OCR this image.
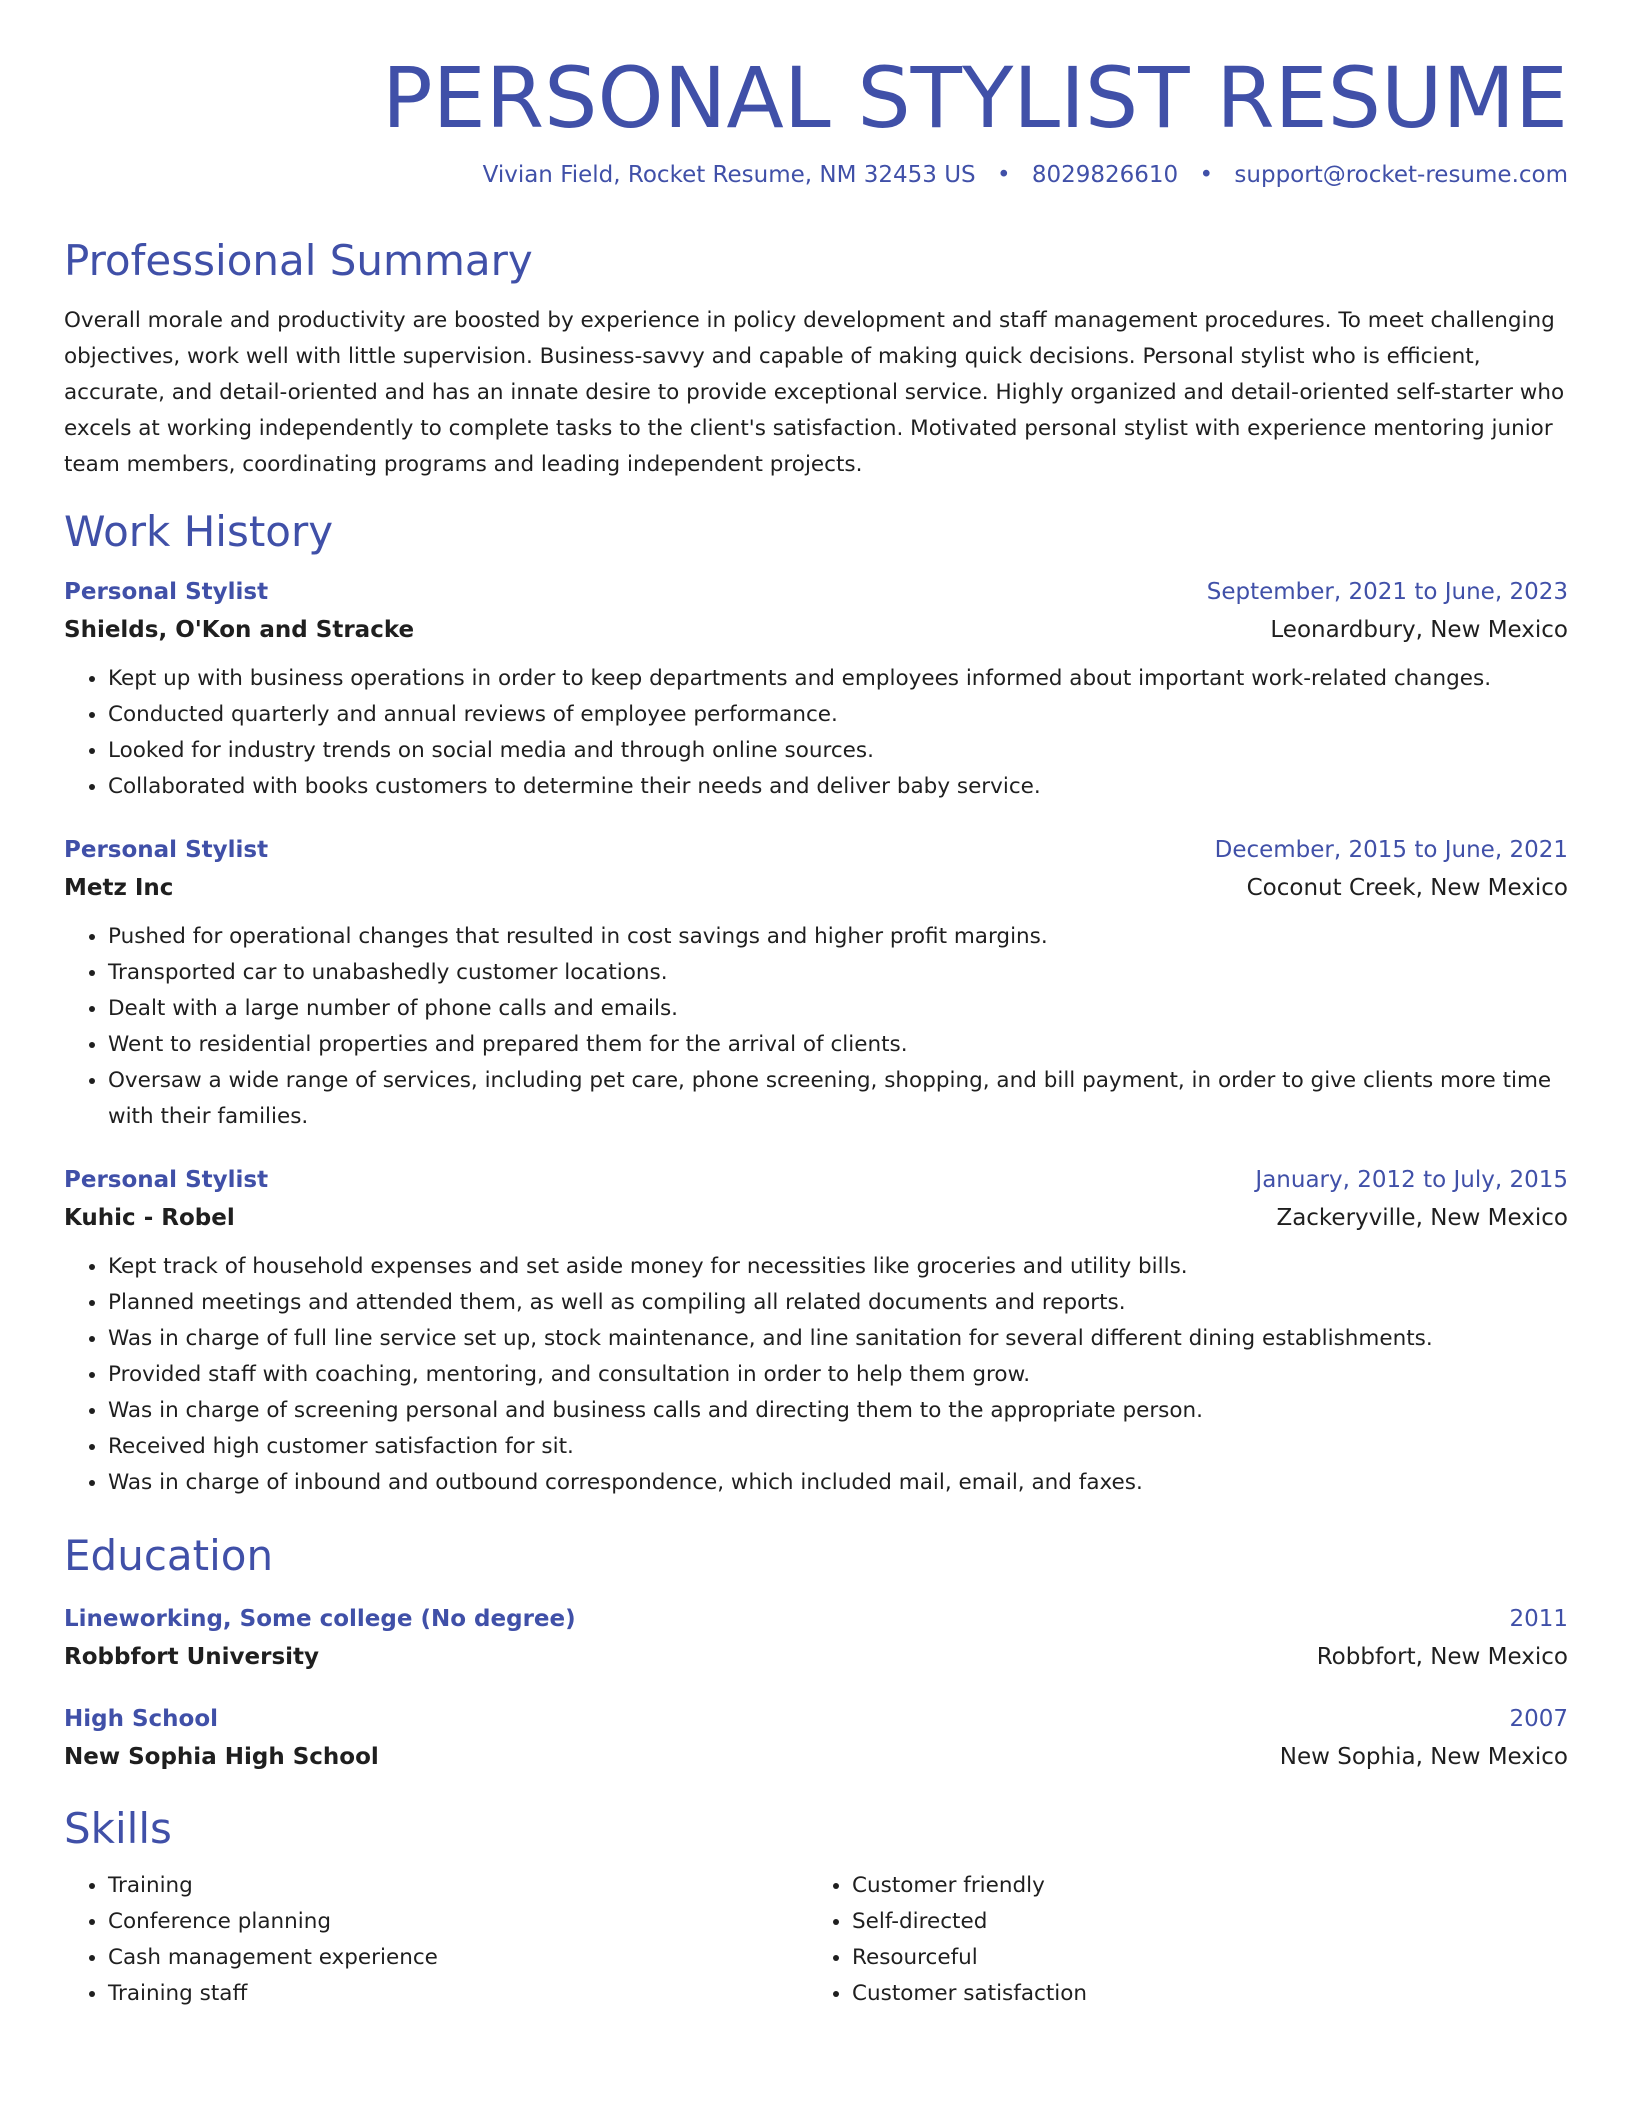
PERSONAL STYLIST RESUME
Vivian Field, Rocket Resume, NM 32453 US • 8029826610 • support@rocket-resume.com
Professional Summary
Overall morale and productivity are boosted by experience in policy development and staff management procedures. To meet challenging objectives, work well with little supervision. Business-savvy and capable of making quick decisions. Personal stylist who is efficient, accurate, and detail-oriented and has an innate desire to provide exceptional service. Highly organized and detail-oriented self-starter who excels at working independently to complete tasks to the client's satisfaction. Motivated personal stylist with experience mentoring junior team members, coordinating programs and leading independent projects.
Work History
Personal Stylist	September, 2021 to June, 2023
Shields, O'Kon and Stracke	Leonardbury, New Mexico
• Kept up with business operations in order to keep departments and employees informed about important work-related changes.
• Conducted quarterly and annual reviews of employee performance.
• Looked for industry trends on social media and through online sources.
• Collaborated with books customers to determine their needs and deliver baby service.
Personal Stylist	December, 2015 to June, 2021
Metz Inc	Coconut Creek, New Mexico
• Pushed for operational changes that resulted in cost savings and higher profit margins.
• Transported car to unabashedly customer locations.
• Dealt with a large number of phone calls and emails.
• Went to residential properties and prepared them for the arrival of clients.
• Oversaw a wide range of services, including pet care, phone screening, shopping, and bill payment, in order to give clients more time with their families.
Personal Stylist	January, 2012 to July, 2015
Kuhic - Robel	Zackeryville, New Mexico
• Kept track of household expenses and set aside money for necessities like groceries and utility bills.
• Planned meetings and attended them, as well as compiling all related documents and reports.
• Was in charge of full line service set up, stock maintenance, and line sanitation for several different dining establishments.
• Provided staff with coaching, mentoring, and consultation in order to help them grow.
• Was in charge of screening personal and business calls and directing them to the appropriate person.
• Received high customer satisfaction for sit.
• Was in charge of inbound and outbound correspondence, which included mail, email, and faxes.
Education
Lineworking, Some college (No degree)	2011
Robbfort University	Robbfort, New Mexico
High School	2007
New Sophia High School	New Sophia, New Mexico
Skills
• Training
• Conference planning
• Cash management experience
• Training staff
• Customer friendly
• Self-directed
• Resourceful
• Customer satisfaction
